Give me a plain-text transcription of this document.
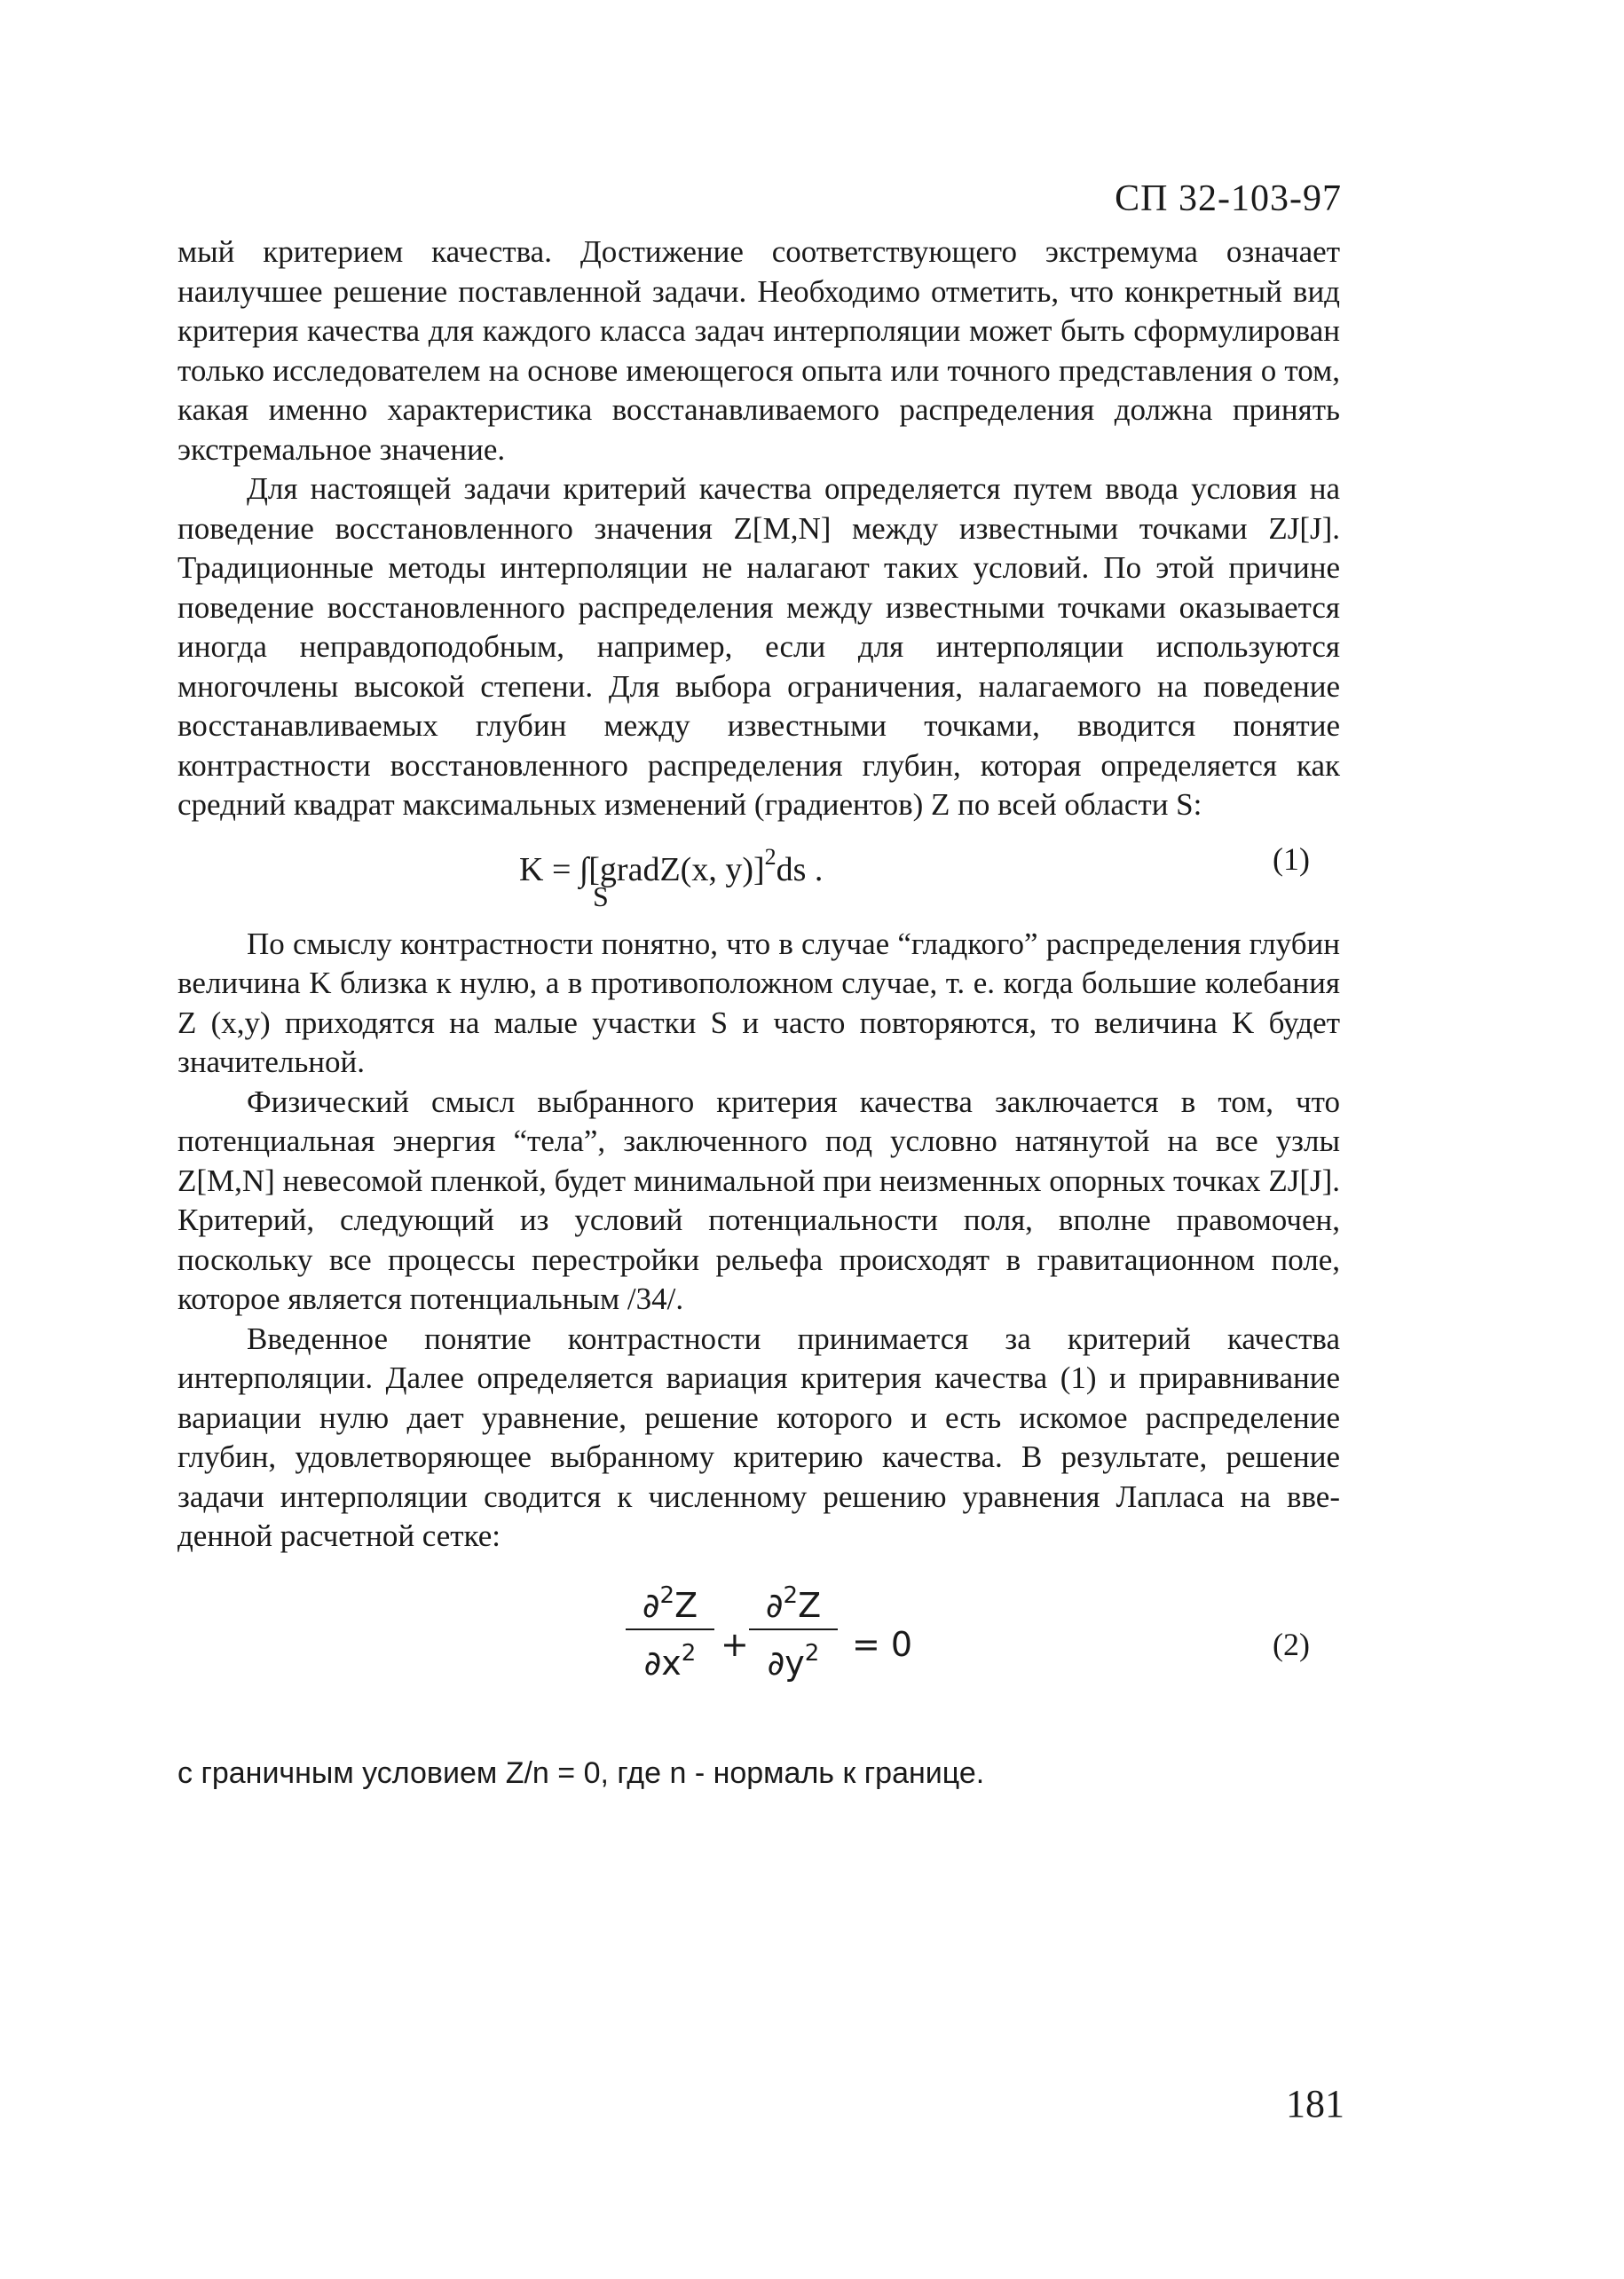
СП 32-103-97

мый критерием качества. Достижение соответствующего экстремума означает наилучшее решение поставленной задачи. Необходимо отметить, что конкретный вид критерия качества для каждого класса задач интерполяции может быть сформулирован только исследователем на основе имеющегося опыта или точного представления о том, какая именно характеристика восстанавливаемого распределения должна принять экстремальное значение.

Для настоящей задачи критерий качества определяется путем ввода условия на поведение восстановленного значения Z[M,N] между известными точками ZJ[J]. Традиционные методы интерполяции не налагают таких условий. По этой причине поведение восстановленного распределения между известными точками оказывается иногда неправдоподобным, например, если для интерполяции используются многочлены высокой степени. Для выбора ограничения, налагаемого на поведение восстанавливаемых глубин между известными точками, вводится понятие контрастности восстановленного распределения глубин, которая определяется как средний квадрат максимальных изменений (градиентов) Z по всей области S:

K = ∫[gradZ(x, y)]$^2$ds .
S
(1)

По смыслу контрастности понятно, что в случае “гладкого” распределения глубин величина K близка к нулю, а в противоположном случае, т. е. когда большие колебания Z (x,y) приходятся на малые участки S и часто повторяются, то величина K будет значительной.

Физический смысл выбранного критерия качества заключается в том, что потенциальная энергия “тела”, заключенного под условно натянутой на все узлы Z[M,N] невесомой пленкой, будет минимальной при неизменных опорных точках ZJ[J]. Критерий, следующий из условий потенциальности поля, вполне правомочен, поскольку все процессы перестройки рельефа происходят в гравитационном поле, которое является потенциальным /34/.

Введенное понятие контрастности принимается за критерий качества интерполяции. Далее определяется вариация критерия качества (1) и приравнивание вариации нулю дает уравнение, решение которого и есть искомое распределение глубин, удовлетворяющее выбранному критерию качества. В результате, решение задачи интерполяции сводится к численному решению уравнения Лапласа на введенной расчетной сетке:

∂$^2$Z
$\partial x^2$ +
∂$^2$Z
$\partial y^2 = 0$	(2)

с граничным условием Z/n = 0, где n - нормаль к границе.

181
